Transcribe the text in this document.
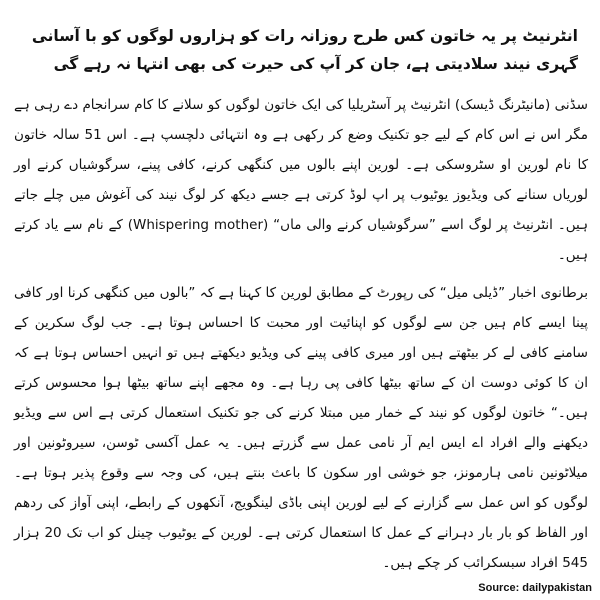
انٹرنیٹ پر یہ خاتون کس طرح روزانہ رات کو ہزاروں لوگوں کو با آسانی گہری نیند سلادیتی ہے، جان کر آپ کی حیرت کی بھی انتہا نہ رہے گی

سڈنی (مانیٹرنگ ڈیسک) انٹرنیٹ پر آسٹریلیا کی ایک خاتون لوگوں کو سلانے کا کام سرانجام دے رہی ہے مگر اس نے اس کام کے لیے جو تکنیک وضع کر رکھی ہے وہ انتہائی دلچسپ ہے۔ اس 51 سالہ خاتون کا نام لورین او سٹروسکی ہے۔ لورین اپنے بالوں میں کنگھی کرنے، کافی پینے، سرگوشیاں کرنے اور لوریاں سنانے کی ویڈیوز یوٹیوب پر اپ لوڈ کرتی ہے جسے دیکھ کر لوگ نیند کی آغوش میں چلے جاتے ہیں۔ انٹرنیٹ پر لوگ اسے ”سرگوشیاں کرنے والی ماں“ (Whispering mother) کے نام سے یاد کرتے ہیں۔

برطانوی اخبار ”ڈیلی میل“ کی رپورٹ کے مطابق لورین کا کہنا ہے کہ ”بالوں میں کنگھی کرنا اور کافی پینا ایسے کام ہیں جن سے لوگوں کو اپنائیت اور محبت کا احساس ہوتا ہے۔ جب لوگ سکرین کے سامنے کافی لے کر بیٹھتے ہیں اور میری کافی پینے کی ویڈیو دیکھتے ہیں تو انہیں احساس ہوتا ہے کہ ان کا کوئی دوست ان کے ساتھ بیٹھا کافی پی رہا ہے۔ وہ مجھے اپنے ساتھ بیٹھا ہوا محسوس کرتے ہیں۔“ خاتون لوگوں کو نیند کے خمار میں مبتلا کرنے کی جو تکنیک استعمال کرتی ہے اس سے ویڈیو دیکھنے والے افراد اے ایس ایم آر نامی عمل سے گزرتے ہیں۔ یہ عمل آکسی ٹوسن، سیروٹونین اور میلاٹونین نامی ہارمونز، جو خوشی اور سکون کا باعث بنتے ہیں، کی وجہ سے وقوع پذیر ہوتا ہے۔ لوگوں کو اس عمل سے گزارنے کے لیے لورین اپنی باڈی لینگویج، آنکھوں کے رابطے، اپنی آواز کی ردھم اور الفاظ کو بار بار دہرانے کے عمل کا استعمال کرتی ہے۔ لورین کے یوٹیوب چینل کو اب تک 20 ہزار 545 افراد سبسکرائب کر چکے ہیں۔

Source: dailypakistan
